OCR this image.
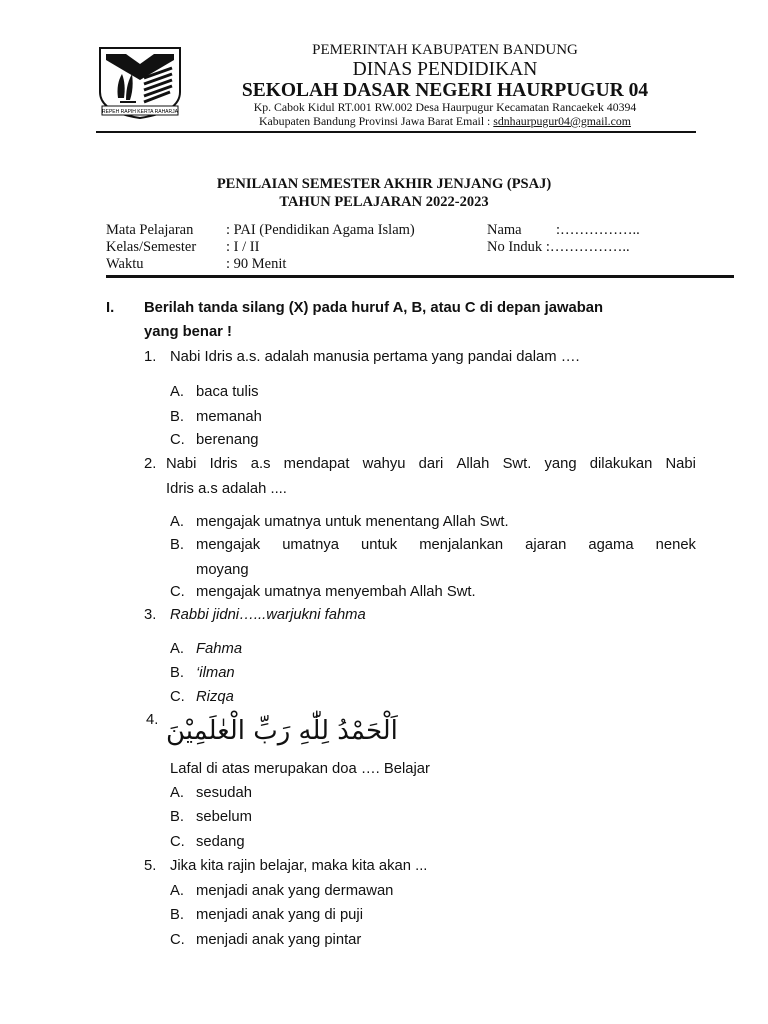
REPEH RAPIH KERTA RAHARJA
PEMERINTAH KABUPATEN BANDUNG
DINAS PENDIDIKAN
SEKOLAH DASAR NEGERI HAURPUGUR 04
Kp. Cabok Kidul RT.001 RW.002 Desa Haurpugur Kecamatan Rancaekek 40394
Kabupaten Bandung Provinsi Jawa Barat Email : sdnhaurpugur04@gmail.com
PENILAIAN SEMESTER AKHIR JENJANG (PSAJ)
TAHUN PELAJARAN 2022-2023
Mata Pelajaran : PAI (Pendidikan Agama Islam)
Kelas/Semester : I / II
Waktu	: 90 Menit
Nama :……………..
No Induk :……………..
I. Berilah tanda silang (X) pada huruf A, B, atau C di depan jawaban
yang benar !
1. Nabi Idris a.s. adalah manusia pertama yang pandai dalam ….
A. baca tulis
B. memanah
C. berenang
2. Nabi Idris a.s mendapat wahyu dari Allah Swt. yang dilakukan Nabi
Idris a.s adalah ....
A. mengajak umatnya untuk menentang Allah Swt.
B. mengajak umatnya untuk menjalankan ajaran agama nenek
moyang
C. mengajak umatnya menyembah Allah Swt.
3. Rabbi jidni…...warjukni fahma
A. Fahma
B. ‘ilman
C. Rizqa
4. اَلْحَمْدُ لِلّٰهِ رَبِّ الْعٰلَمِيْنَ
Lafal di atas merupakan doa …. Belajar
A. sesudah
B. sebelum
C. sedang
5. Jika kita rajin belajar, maka kita akan ...
A. menjadi anak yang dermawan
B. menjadi anak yang di puji
C. menjadi anak yang pintar
